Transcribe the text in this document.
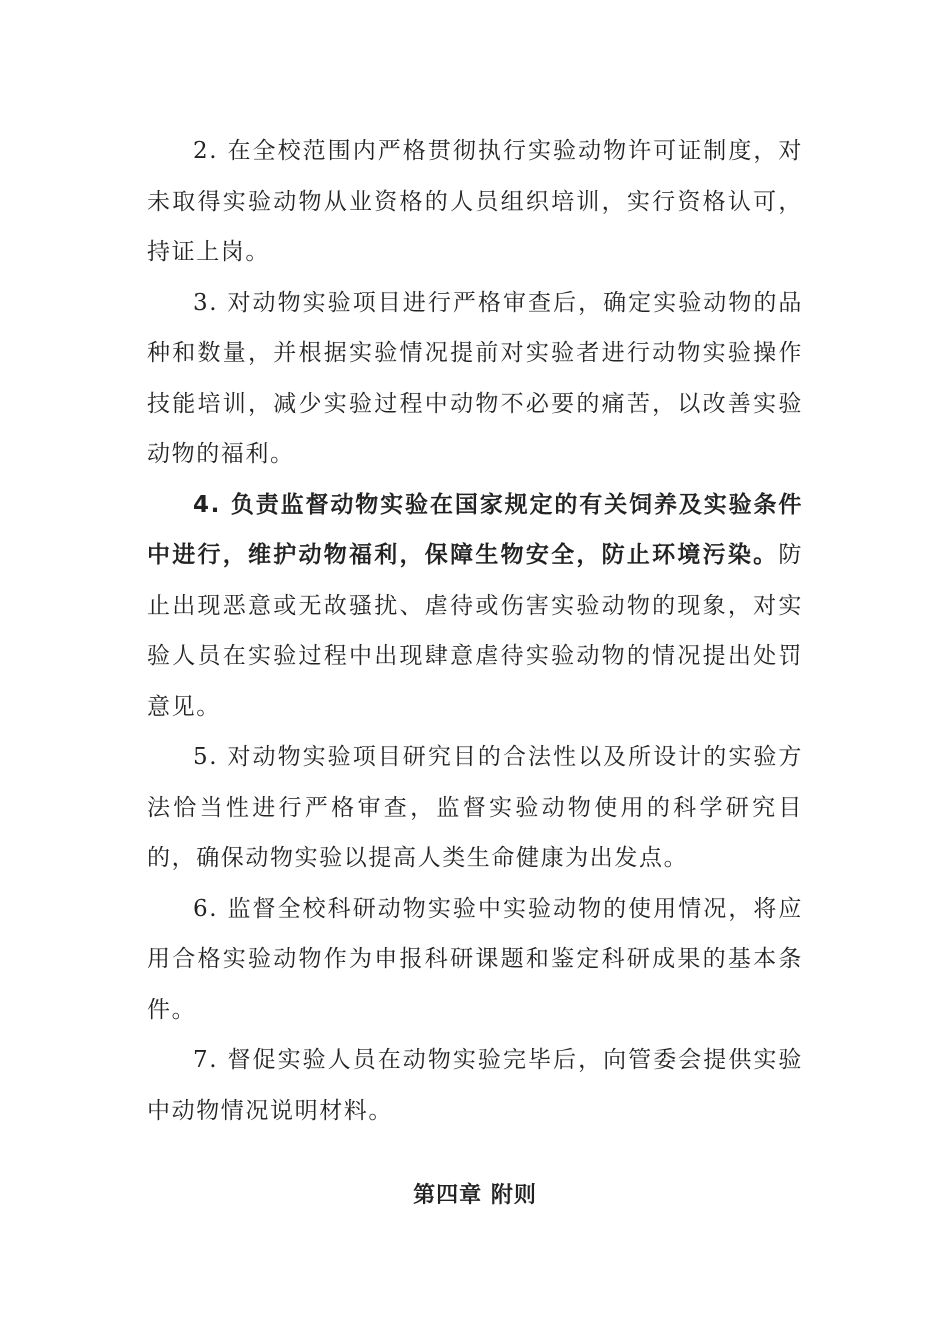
2. 在全校范围内严格贯彻执行实验动物许可证制度，对未取得实验动物从业资格的人员组织培训，实行资格认可，持证上岗。

3. 对动物实验项目进行严格审查后，确定实验动物的品种和数量，并根据实验情况提前对实验者进行动物实验操作技能培训，减少实验过程中动物不必要的痛苦，以改善实验动物的福利。

4. 负责监督动物实验在国家规定的有关饲养及实验条件中进行，维护动物福利，保障生物安全，防止环境污染。防止出现恶意或无故骚扰、虐待或伤害实验动物的现象，对实验人员在实验过程中出现肆意虐待实验动物的情况提出处罚意见。

5. 对动物实验项目研究目的合法性以及所设计的实验方法恰当性进行严格审查，监督实验动物使用的科学研究目的，确保动物实验以提高人类生命健康为出发点。

6. 监督全校科研动物实验中实验动物的使用情况，将应用合格实验动物作为申报科研课题和鉴定科研成果的基本条件。

7. 督促实验人员在动物实验完毕后，向管委会提供实验中动物情况说明材料。

第四章 附则
